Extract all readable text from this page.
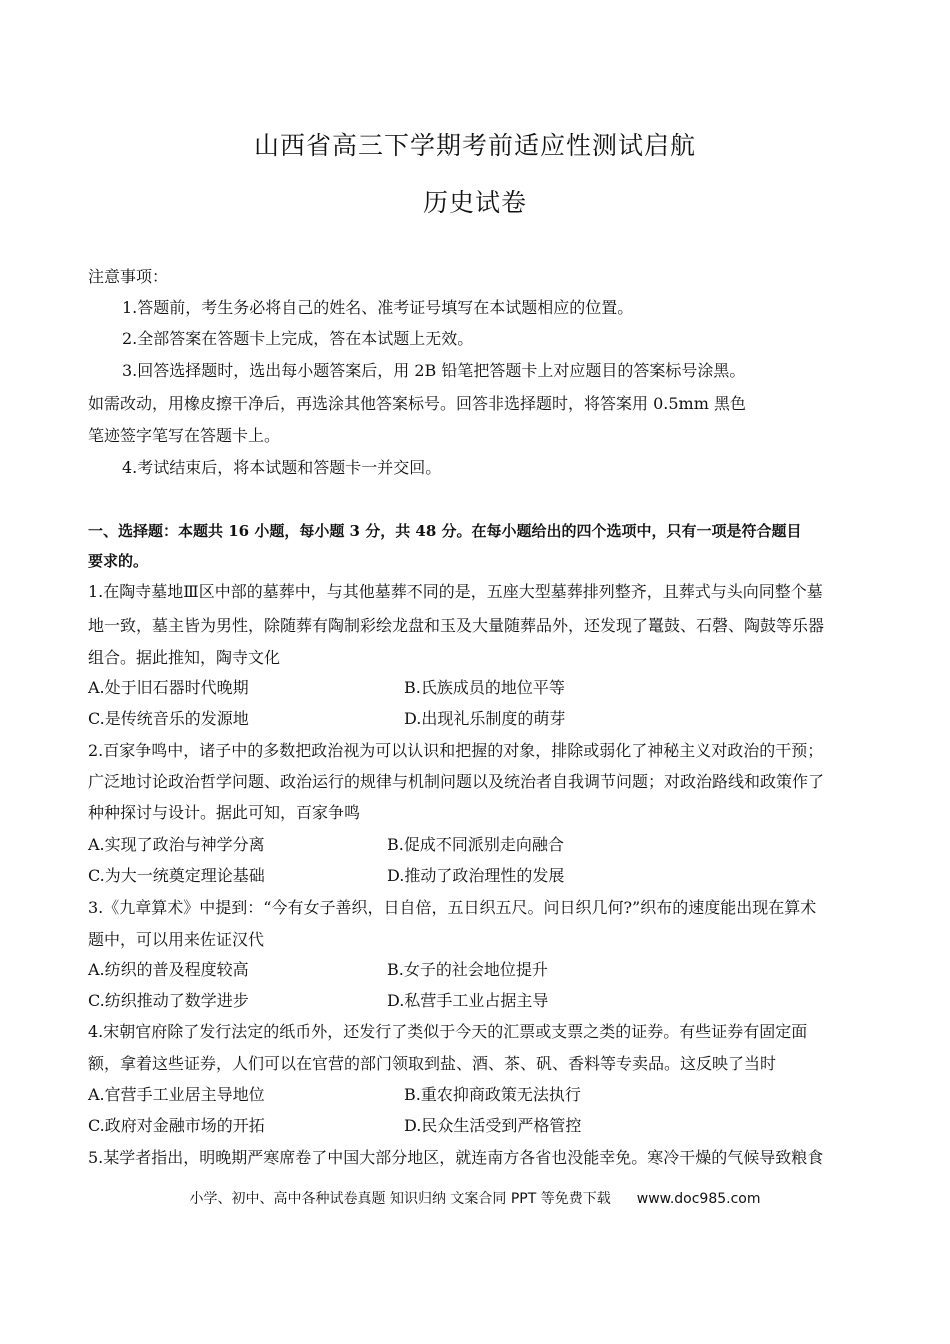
山西省高三下学期考前适应性测试启航
历史试卷
注意事项：
1.答题前，考生务必将自己的姓名、准考证号填写在本试题相应的位置。
2.全部答案在答题卡上完成，答在本试题上无效。
3.回答选择题时，选出每小题答案后，用 2B 铅笔把答题卡上对应题目的答案标号涂黑。
如需改动，用橡皮擦干净后，再选涂其他答案标号。回答非选择题时，将答案用 0.5mm 黑色
笔迹签字笔写在答题卡上。
4.考试结束后，将本试题和答题卡一并交回。
一、选择题：本题共 16 小题，每小题 3 分，共 48 分。在每小题给出的四个选项中，只有一项是符合题目
要求的。
1.在陶寺墓地Ⅲ区中部的墓葬中，与其他墓葬不同的是，五座大型墓葬排列整齐，且葬式与头向同整个墓
地一致，墓主皆为男性，除随葬有陶制彩绘龙盘和玉及大量随葬品外，还发现了鼍鼓、石磬、陶鼓等乐器
组合。据此推知，陶寺文化
A.处于旧石器时代晚期	B.氏族成员的地位平等
C.是传统音乐的发源地	D.出现礼乐制度的萌芽
2.百家争鸣中，诸子中的多数把政治视为可以认识和把握的对象，排除或弱化了神秘主义对政治的干预；
广泛地讨论政治哲学问题、政治运行的规律与机制问题以及统治者自我调节问题；对政治路线和政策作了
种种探讨与设计。据此可知，百家争鸣
A.实现了政治与神学分离	B.促成不同派别走向融合
C.为大一统奠定理论基础	D.推动了政治理性的发展
3.《九章算术》中提到：“今有女子善织，日自倍，五日织五尺。问日织几何?”织布的速度能出现在算术
题中，可以用来佐证汉代
A.纺织的普及程度较高	B.女子的社会地位提升
C.纺织推动了数学进步	D.私营手工业占据主导
4.宋朝官府除了发行法定的纸币外，还发行了类似于今天的汇票或支票之类的证券。有些证券有固定面
额，拿着这些证券，人们可以在官营的部门领取到盐、酒、茶、矾、香料等专卖品。这反映了当时
A.官营手工业居主导地位	B.重农抑商政策无法执行
C.政府对金融市场的开拓	D.民众生活受到严格管控
5.某学者指出，明晚期严寒席卷了中国大部分地区，就连南方各省也没能幸免。寒冷干燥的气候导致粮食
小学、初中、高中各种试卷真题 知识归纳 文案合同 PPT 等免费下载 www.doc985.com
